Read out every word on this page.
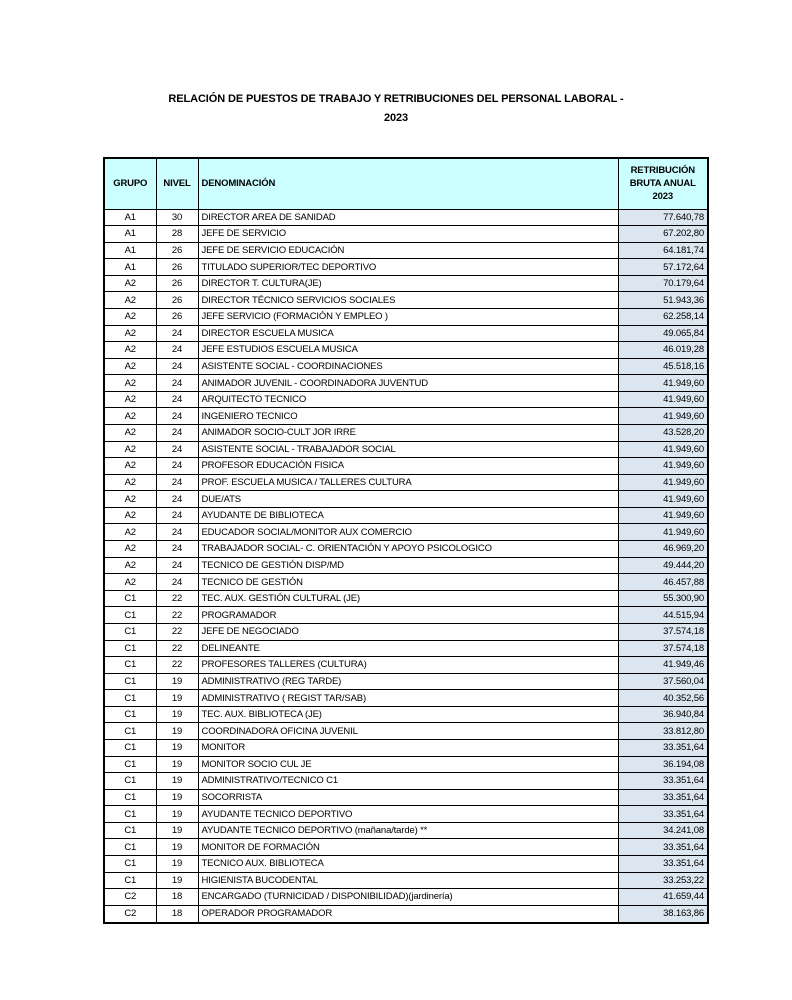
RELACIÓN DE PUESTOS DE TRABAJO Y RETRIBUCIONES DEL PERSONAL LABORAL -
2023
GRUPO	NIVEL	DENOMINACIÓN	RETRIBUCIÓN
BRUTA ANUAL
2023

A1	30	DIRECTOR AREA DE SANIDAD	77.640,78
A1	28	JEFE DE SERVICIO	67.202,80
A1	26	JEFE DE SERVICIO EDUCACIÓN	64.181,74
A1	26	TITULADO SUPERIOR/TEC DEPORTIVO	57.172,64
A2	26	DIRECTOR T. CULTURA(JE)	70.179,64
A2	26	DIRECTOR TÉCNICO SERVICIOS SOCIALES	51.943,36
A2	26	JEFE SERVICIO (FORMACIÓN Y EMPLEO )	62.258,14
A2	24	DIRECTOR ESCUELA MUSICA	49.065,84
A2	24	JEFE ESTUDIOS ESCUELA MUSICA	46.019,28
A2	24	ASISTENTE SOCIAL - COORDINACIONES	45.518,16
A2	24	ANIMADOR JUVENIL - COORDINADORA JUVENTUD	41.949,60
A2	24	ARQUITECTO TECNICO	41.949,60
A2	24	INGENIERO TECNICO	41.949,60
A2	24	ANIMADOR SOCIO-CULT JOR IRRE	43.528,20
A2	24	ASISTENTE SOCIAL - TRABAJADOR SOCIAL	41.949,60
A2	24	PROFESOR EDUCACIÓN FISICA	41.949,60
A2	24	PROF. ESCUELA MUSICA / TALLERES CULTURA	41.949,60
A2	24	DUE/ATS	41.949,60
A2	24	AYUDANTE DE BIBLIOTECA	41.949,60
A2	24	EDUCADOR SOCIAL/MONITOR AUX COMERCIO	41.949,60
A2	24	TRABAJADOR SOCIAL- C. ORIENTACIÓN Y APOYO PSICOLOGICO	46.969,20
A2	24	TECNICO DE GESTIÓN DISP/MD	49.444,20
A2	24	TECNICO DE GESTIÓN	46.457,88
C1	22	TEC. AUX. GESTIÓN CULTURAL (JE)	55.300,90
C1	22	PROGRAMADOR	44.515,94
C1	22	JEFE DE NEGOCIADO	37.574,18
C1	22	DELINEANTE	37.574,18
C1	22	PROFESORES TALLERES (CULTURA)	41.949,46
C1	19	ADMINISTRATIVO (REG TARDE)	37.560,04
C1	19	ADMINISTRATIVO ( REGIST TAR/SAB)	40.352,56
C1	19	TEC. AUX. BIBLIOTECA (JE)	36.940,84
C1	19	COORDINADORA OFICINA JUVENIL	33.812,80
C1	19	MONITOR	33.351,64
C1	19	MONITOR SOCIO CUL JE	36.194,08
C1	19	ADMINISTRATIVO/TECNICO C1	33.351,64
C1	19	SOCORRISTA	33.351,64
C1	19	AYUDANTE TECNICO DEPORTIVO	33.351,64
C1	19	AYUDANTE TECNICO DEPORTIVO (mañana/tarde) **	34.241,08
C1	19	MONITOR DE FORMACIÓN	33.351,64
C1	19	TECNICO AUX. BIBLIOTECA	33.351,64
C1	19	HIGIENISTA BUCODENTAL	33.253,22
C2	18	ENCARGADO (TURNICIDAD / DISPONIBILIDAD)(jardinería)	41.659,44
C2	18	OPERADOR PROGRAMADOR	38.163,86
